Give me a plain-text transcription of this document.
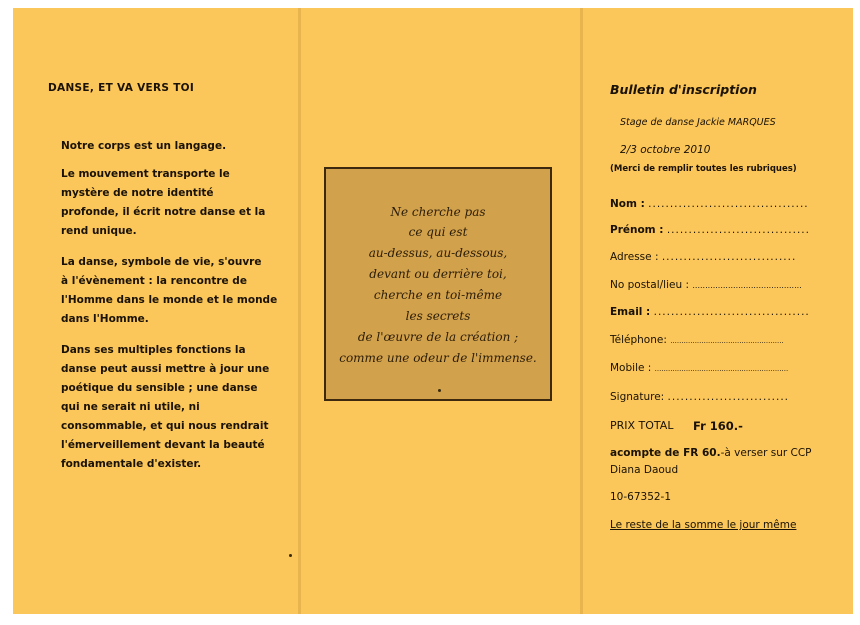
DANSE, ET VA VERS TOI
Notre corps est un langage.
Le mouvement transporte le
mystère de notre identité
profonde, il écrit notre danse et la
rend unique.
La danse, symbole de vie, s'ouvre
à l'évènement : la rencontre de
l'Homme dans le monde et le monde
dans l'Homme.
Dans ses multiples fonctions la
danse peut aussi mettre à jour une
poétique du sensible ; une danse
qui ne serait ni utile, ni
consommable, et qui nous rendrait
l'émerveillement devant la beauté
fondamentale d'exister.
Ne cherche pas
ce qui est
au-dessus, au-dessous,
devant ou derrière toi,
cherche en toi-même
les secrets
de l'œuvre de la création ;
comme une odeur de l'immense.
Bulletin d'inscription
Stage de danse Jackie MARQUES
2/3 octobre 2010
(Merci de remplir toutes les rubriques)
Nom : .....................................
Prénom : .................................
Adresse : ...............................
No postal/lieu : ...........................................
Email : ....................................
Téléphone: ...................................................
Mobile : ............................................................
Signature: ............................
PRIX TOTAL Fr 160.-
acompte de FR 60.-à verser sur CCP
Diana Daoud
10-67352-1
Le reste de la somme le jour même
